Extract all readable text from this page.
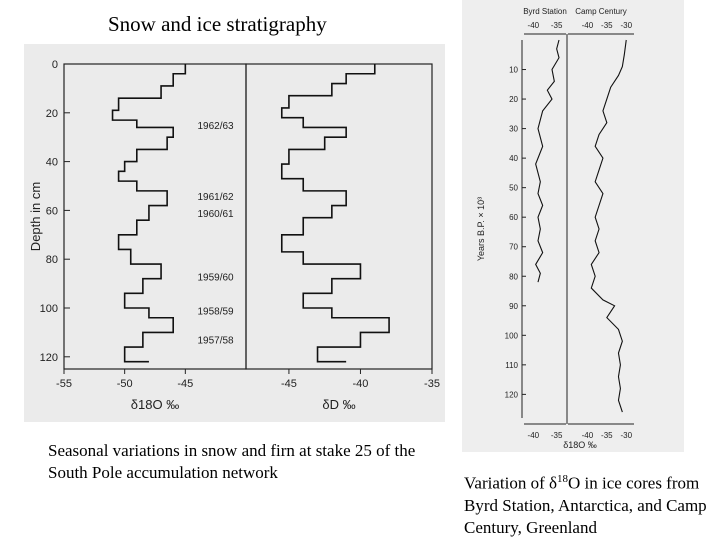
Snow and ice stratigraphy
0
20
40
60
80
100
120
Depth in cm
-55	-50	-45
δ18O ‰
-45	-40	-35
δD ‰
1962/63
1961/62
1960/61
1959/60
1958/59
1957/58
10
20
30
40
50
60
70
80
90
100
110
120
Years B.P. × 10³
Byrd Station
-40
-40
-35
-35
Camp Century
-40
-40
-35
-35
-30
-30
δ18O ‰
Seasonal variations in snow and firn at stake 25 of the South Pole accumulation network
Variation of $\delta^{18}O$ in ice cores from Byrd Station, Antarctica, and Camp Century, Greenland
